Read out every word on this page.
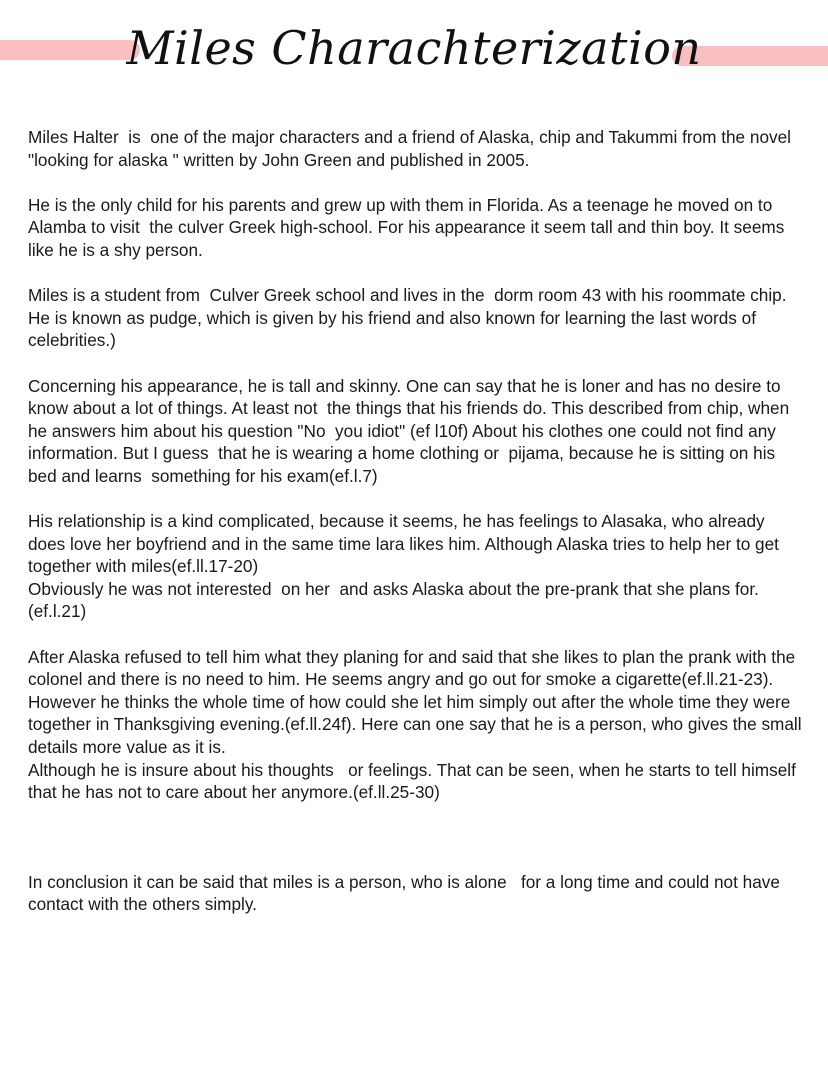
Miles Charachterization

Miles Halter  is  one of the major characters and a friend of Alaska, chip and Takummi from the novel "looking for alaska " written by John Green and published in 2005.

He is the only child for his parents and grew up with them in Florida. As a teenage he moved on to Alamba to visit  the culver Greek high-school. For his appearance it seem tall and thin boy. It seems like he is a shy person.

Miles is a student from  Culver Greek school and lives in the  dorm room 43 with his roommate chip. He is known as pudge, which is given by his friend and also known for learning the last words of celebrities.)

Concerning his appearance, he is tall and skinny. One can say that he is loner and has no desire to know about a lot of things. At least not  the things that his friends do. This described from chip, when he answers him about his question "No  you idiot" (ef l10f) About his clothes one could not find any information. But I guess  that he is wearing a home clothing or  pijama, because he is sitting on his bed and learns  something for his exam(ef.l.7)

His relationship is a kind complicated, because it seems, he has feelings to Alasaka, who already does love her boyfriend and in the same time lara likes him. Although Alaska tries to help her to get together with miles(ef.ll.17-20)

Obviously he was not interested  on her  and asks Alaska about the pre-prank that she plans for.(ef.l.21)

After Alaska refused to tell him what they planing for and said that she likes to plan the prank with the colonel and there is no need to him. He seems angry and go out for smoke a cigarette(ef.ll.21-23). However he thinks the whole time of how could she let him simply out after the whole time they were together in Thanksgiving evening.(ef.ll.24f). Here can one say that he is a person, who gives the small details more value as it is.

Although he is insure about his thoughts   or feelings. That can be seen, when he starts to tell himself that he has not to care about her anymore.(ef.ll.25-30)

In conclusion it can be said that miles is a person, who is alone   for a long time and could not have contact with the others simply.
